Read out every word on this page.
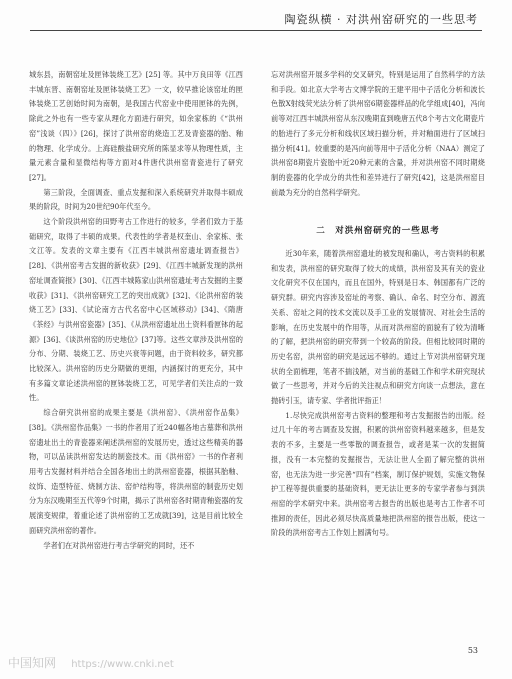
陶瓷纵横 · 对洪州窑研究的一些思考

城东县，南朝窑址及匣钵装烧工艺》[25] 等。其中万良田等《江西丰城东晋、南朝窑址及匣钵装烧工艺》一文，较早推论该窑址的匣钵装烧工艺创始时间为南朝，是我国古代窑业中使用匣钵的先例，除此之外也有一些专家从理化方面进行研究，如余家栋的《“洪州窑”浅谈（四）》[26]，探讨了洪州窑的烧造工艺及青瓷器的胎、釉的物理、化学成分。上海硅酸盐研究所的陈显求等从物理性质，主量元素含量和显微结构等方面对4件唐代洪州窑青瓷进行了研究[27]。

第三阶段，全面调查、重点发掘和深入系统研究并取得丰硕成果的阶段，时间为20世纪90年代至今。

这个阶段洪州窑的田野考古工作进行的较多，学者们致力于基础研究，取得了丰硕的成果。代表性的学者是权奎山、余家栋、张文江等。发表的文章主要有《江西丰城洪州窑遗址调查报告》[28]、《洪州窑考古发掘的新收获》[29]、《江西丰城新发现的洪州窑址调查简报》[30]、《江西丰城陈家山洪州窑遗址考古发掘的主要收获》[31]、《洪州窑研究工艺的突出成就》[32]、《论洪州窑的装烧工艺》[33]、《试论南方古代名窑中心区域移动》[34]、《隋唐《茶经》与洪州窑瓷器》[35]、《从洪州窑遗址出土资料看匣钵的起源》[36]、《谈洪州窑的历史地位》[37]等。这些文章涉及洪州窑的分布、分期、装烧工艺、历史兴衰等问题，由于资料较多，研究都比较深入。洪州窑的历史分期做的更细，内涵探讨的更充分，其中有多篇文章论述洪州窑的匣钵装烧工艺，可见学者们关注点的一致性。

综合研究洪州窑的成果主要是《洪州窑》、《洪州窑作品集》[38]。《洪州窑作品集》一书的作者用了近240幅各地古墓葬和洪州窑遗址出土的青瓷器来阐述洪州窑的发展历史，透过这些精美的器物，可以品读洪州窑发达的制瓷技术。而《洪州窑》一书的作者利用考古发掘材料并结合全国各地出土的洪州窑瓷器，根据其胎釉、纹饰、造型特征、烧制方法、窑炉结构等，将洪州窑的制瓷历史划分为东汉晚期至五代等9个时期，揭示了洪州窑各时期青釉瓷器的发展演变规律，着重论述了洪州窑的工艺成就[39]，这是目前比较全面研究洪州窑的著作。

学者们在对洪州窑进行考古学研究的同时，还不

忘对洪州窑开展多学科的交叉研究，特别是运用了自然科学的方法和手段。如北京大学考古文博学院的王建平用中子活化分析和波长色散X射线荧光法分析了洪州窑6期瓷器样品的化学组成[40]，冯向前等对江西丰城洪州窑从东汉晚期直到晚唐五代8个考古文化期瓷片的胎进行了多元分析和线状区域扫描分析，并对釉面进行了区域扫描分析[41]。较重要的是冯向前等用中子活化分析（NAA）测定了洪州窑8期瓷片瓷胎中近20种元素的含量，并对洪州窑不同时期烧制的瓷器的化学成分的共性和差异进行了研究[42]，这是洪州窑目前最为充分的自然科学研究。

二　对洪州窑研究的一些思考

近30年来，随着洪州窑遗址的被发现和确认，考古资料的积累和发表，洪州窑的研究取得了较大的成绩，洪州窑及其有关的瓷业文化研究不仅在国内，而且在国外，特别是日本、韩国都有广泛的研究群。研究内容涉及窑址的考察、确认、命名、时空分布、源流关系、窑址之间的技术交流以及手工业的发展情况、对社会生活的影响，在历史发展中的作用等，从而对洪州窑的面貌有了较为清晰的了解，把洪州窑的研究带到一个较高的阶段。但相比较同时期的历史名窑，洪州窑的研究是远远不够的。通过上节对洪州窑研究现状的全面梳理，笔者不揣浅陋，对当前的基础工作和学术研究现状做了一些思考，并对今后的关注视点和研究方向谈一点想法，意在抛砖引玉，请专家、学者批评指正！

1.尽快完成洪州窑考古资料的整理和考古发掘报告的出版。经过几十年的考古调查及发掘，积累的洪州窑资料越来越多，但是发表的不多，主要是一些零散的调查报告，或者是某一次的发掘简报，没有一本完整的发掘报告，无法让世人全面了解完整的洪州窑，也无法为进一步完善“四有”档案，制订保护规划，实施文物保护工程等提供重要的基础资料，更无法让更多的专家学者参与到洪州窑的学术研究中来。洪州窑考古报告的出版也是考古工作者不可推卸的责任，因此必须尽快高质量地把洪州窑的报告出版，使这一阶段的洪州窑考古工作划上圆满句号。

53
中国知网 https://www.cnki.net
